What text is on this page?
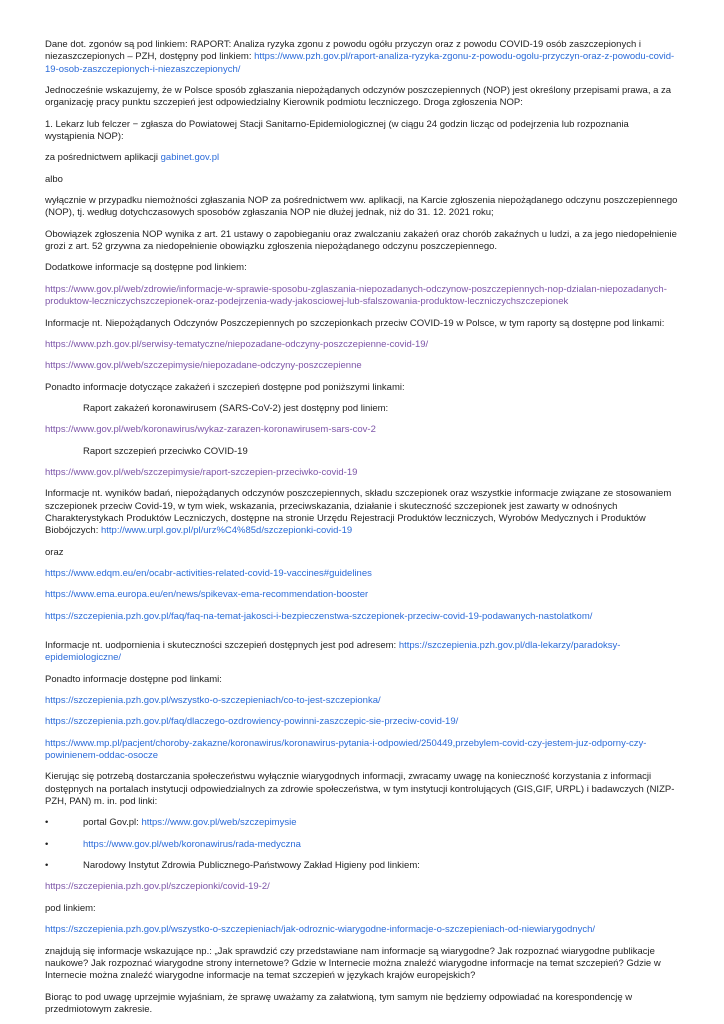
Dane dot. zgonów są pod linkiem: RAPORT: Analiza ryzyka zgonu z powodu ogółu przyczyn oraz z powodu COVID-19 osób zaszczepionych i niezaszczepionych – PZH, dostępny pod linkiem: https://www.pzh.gov.pl/raport-analiza-ryzyka-zgonu-z-powodu-ogolu-przyczyn-oraz-z-powodu-covid-19-osob-zaszczepionych-i-niezaszczepionych/

Jednocześnie wskazujemy, że w Polsce sposób zgłaszania niepożądanych odczynów poszczepiennych (NOP) jest określony przepisami prawa, a za organizację pracy punktu szczepień jest odpowiedzialny Kierownik podmiotu leczniczego. Droga zgłoszenia NOP:

1. Lekarz lub felczer − zgłasza do Powiatowej Stacji Sanitarno-Epidemiologicznej (w ciągu 24 godzin licząc od podejrzenia lub rozpoznania wystąpienia NOP):

za pośrednictwem aplikacji gabinet.gov.pl

albo

wyłącznie w przypadku niemożności zgłaszania NOP za pośrednictwem ww. aplikacji, na Karcie zgłoszenia niepożądanego odczynu poszczepiennego (NOP), tj. według dotychczasowych sposobów zgłaszania NOP nie dłużej jednak, niż do 31. 12. 2021 roku;

Obowiązek zgłoszenia NOP wynika z art. 21 ustawy o zapobieganiu oraz zwalczaniu zakażeń oraz chorób zakaźnych u ludzi, a za jego niedopełnienie grozi z art. 52 grzywna za niedopełnienie obowiązku zgłoszenia niepożądanego odczynu poszczepiennego.

Dodatkowe informacje są dostępne pod linkiem:

https://www.gov.pl/web/zdrowie/informacje-w-sprawie-sposobu-zglaszania-niepozadanych-odczynow-poszczepiennych-nop-dzialan-niepozadanych-produktow-leczniczychszczepionek-oraz-podejrzenia-wady-jakosciowej-lub-sfalszowania-produktow-leczniczychszczepionek

Informacje nt. Niepożądanych Odczynów Poszczepiennych po szczepionkach przeciw COVID-19 w Polsce, w tym raporty są dostępne pod linkami:

https://www.pzh.gov.pl/serwisy-tematyczne/niepozadane-odczyny-poszczepienne-covid-19/

https://www.gov.pl/web/szczepimysie/niepozadane-odczyny-poszczepienne

Ponadto informacje dotyczące zakażeń i szczepień dostępne pod poniższymi linkami:

Raport zakażeń koronawirusem (SARS-CoV-2) jest dostępny pod liniem:

https://www.gov.pl/web/koronawirus/wykaz-zarazen-koronawirusem-sars-cov-2

Raport szczepień przeciwko COVID-19

https://www.gov.pl/web/szczepimysie/raport-szczepien-przeciwko-covid-19

Informacje nt. wyników badań, niepożądanych odczynów poszczepiennych, składu szczepionek oraz wszystkie informacje związane ze stosowaniem szczepionek przeciw Covid-19, w tym wiek, wskazania, przeciwskazania, działanie i skuteczność szczepionek jest zawarty w odnośnych Charakterystykach Produktów Leczniczych, dostępne na stronie Urzędu Rejestracji Produktów leczniczych, Wyrobów Medycznych i Produktów Biobójczych: http://www.urpl.gov.pl/pl/urz%C4%85d/szczepionki-covid-19

oraz

https://www.edqm.eu/en/ocabr-activities-related-covid-19-vaccines#guidelines

https://www.ema.europa.eu/en/news/spikevax-ema-recommendation-booster

https://szczepienia.pzh.gov.pl/faq/faq-na-temat-jakosci-i-bezpieczenstwa-szczepionek-przeciw-covid-19-podawanych-nastolatkom/

Informacje nt. uodpornienia i skuteczności szczepień dostępnych jest pod adresem: https://szczepienia.pzh.gov.pl/dla-lekarzy/paradoksy-epidemiologiczne/

Ponadto informacje dostępne pod linkami:

https://szczepienia.pzh.gov.pl/wszystko-o-szczepieniach/co-to-jest-szczepionka/

https://szczepienia.pzh.gov.pl/faq/dlaczego-ozdrowiency-powinni-zaszczepic-sie-przeciw-covid-19/

https://www.mp.pl/pacjent/choroby-zakazne/koronawirus/koronawirus-pytania-i-odpowied/250449,przebylem-covid-czy-jestem-juz-odporny-czy-powinienem-oddac-osocze

Kierując się potrzebą dostarczania społeczeństwu wyłącznie wiarygodnych informacji, zwracamy uwagę na konieczność korzystania z informacji dostępnych na portalach instytucji odpowiedzialnych za zdrowie społeczeństwa, w tym instytucji kontrolujących (GIS,GIF, URPL) i badawczych (NIZP-PZH, PAN) m. in. pod linki:

•	portal Gov.pl: https://www.gov.pl/web/szczepimysie

•	https://www.gov.pl/web/koronawirus/rada-medyczna

•	Narodowy Instytut Zdrowia Publicznego-Państwowy Zakład Higieny pod linkiem:

https://szczepienia.pzh.gov.pl/szczepionki/covid-19-2/

pod linkiem:

https://szczepienia.pzh.gov.pl/wszystko-o-szczepieniach/jak-odroznic-wiarygodne-informacje-o-szczepieniach-od-niewiarygodnych/

znajdują się informacje wskazujące np.: „Jak sprawdzić czy przedstawiane nam informacje są wiarygodne? Jak rozpoznać wiarygodne publikacje naukowe? Jak rozpoznać wiarygodne strony internetowe? Gdzie w Internecie można znaleźć wiarygodne informacje na temat szczepień? Gdzie w Internecie można znaleźć wiarygodne informacje na temat szczepień w językach krajów europejskich?

Biorąc to pod uwagę uprzejmie wyjaśniam, że sprawę uważamy za załatwioną, tym samym nie będziemy odpowiadać na korespondencję w przedmiotowym zakresie.
